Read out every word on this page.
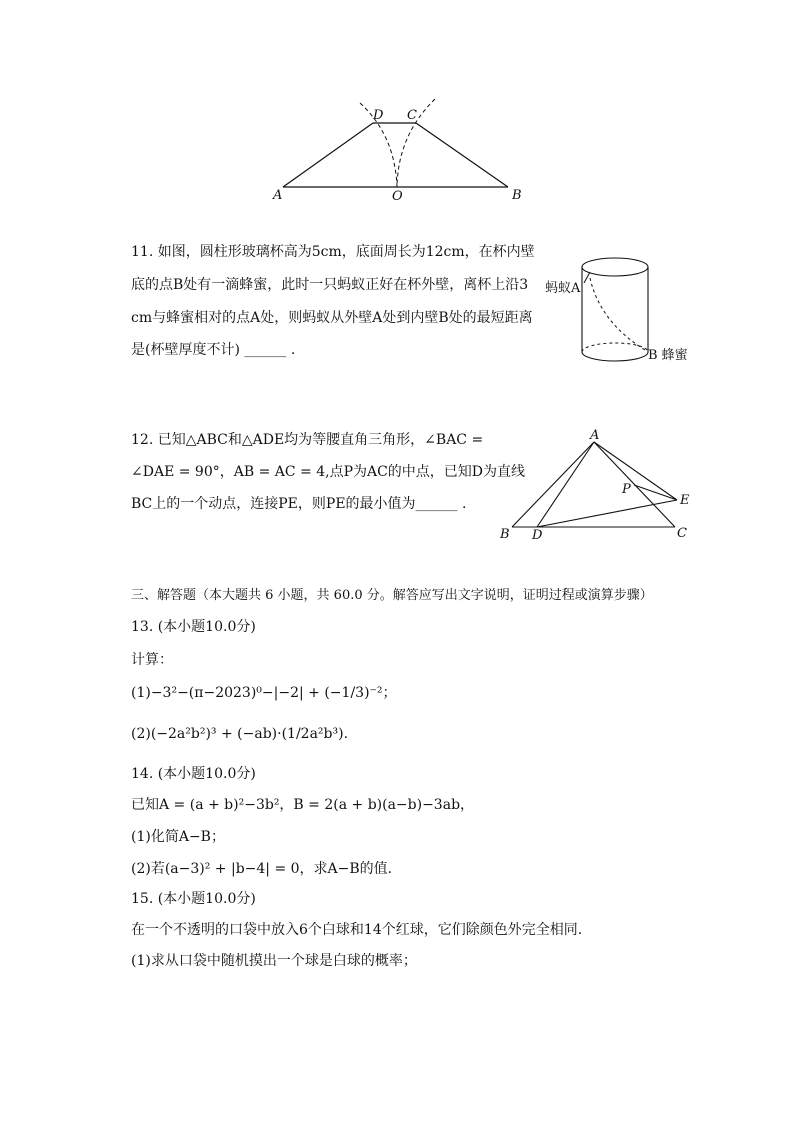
D C
A	O	B
11. 如图，圆柱形玻璃杯高为5cm，底面周长为12cm，在杯内壁
底的点B处有一滴蜂蜜，此时一只蚂蚁正好在杯外壁，离杯上沿3
cm与蜂蜜相对的点A处，则蚂蚁从外壁A处到内壁B处的最短距离
是(杯壁厚度不计) ______ .
蚂蚁A
B 蜂蜜
12. 已知△ABC和△ADE均为等腰直角三角形，∠BAC =
∠DAE = 90°，AB = AC = 4,点P为AC的中点，已知D为直线
BC上的一个动点，连接PE，则PE的最小值为______ .
A
P
E
B D	C
三、解答题（本大题共 6 小题，共 60.0 分。解答应写出文字说明，证明过程或演算步骤）
13. (本小题10.0分)
计算：
(1)−3²−(π−2023)⁰−|−2| + (−1/3)⁻²；
(2)(−2a²b²)³ + (−ab)·(1/2a²b³).
14. (本小题10.0分)
已知A = (a + b)²−3b²，B = 2(a + b)(a−b)−3ab，
(1)化简A−B；
(2)若(a−3)² + |b−4| = 0，求A−B的值.
15. (本小题10.0分)
在一个不透明的口袋中放入6个白球和14个红球，它们除颜色外完全相同.
(1)求从口袋中随机摸出一个球是白球的概率；
